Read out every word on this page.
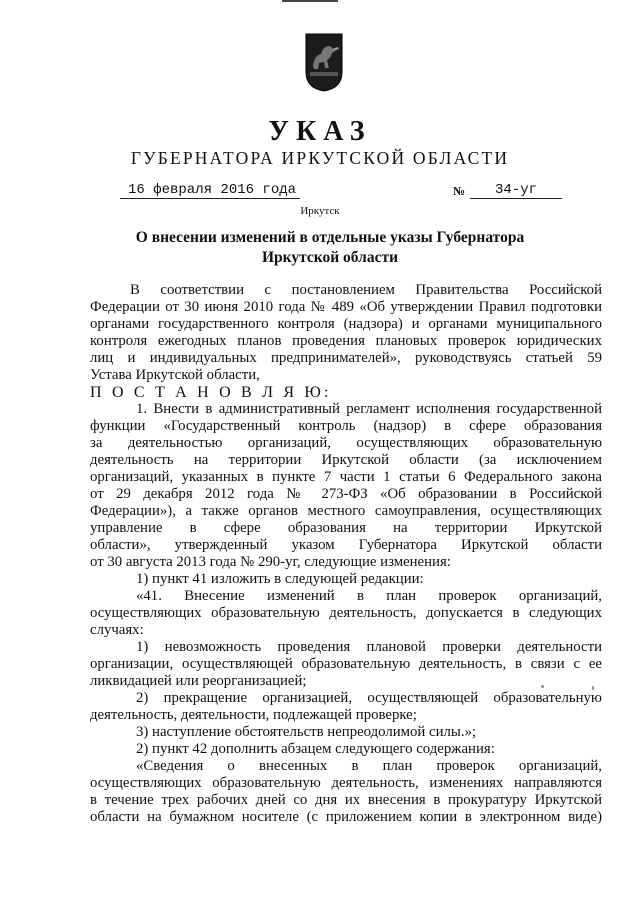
УКАЗ
ГУБЕРНАТОРА ИРКУТСКОЙ ОБЛАСТИ
16 февраля 2016 года	№	34-уг
Иркутск
О внесении изменений в отдельные указы Губернатора
Иркутской области
В соответствии с постановлением Правительства Российской
Федерации от 30 июня 2010 года № 489 «Об утверждении Правил подготовки
органами государственного контроля (надзора) и органами муниципального
контроля ежегодных планов проведения плановых проверок юридических
лиц и индивидуальных предпринимателей», руководствуясь статьей 59
Устава Иркутской области,
П О С Т А Н О В Л Я Ю:
1. Внести в административный регламент исполнения государственной
функции «Государственный контроль (надзор) в сфере образования
за деятельностью организаций, осуществляющих образовательную
деятельность на территории Иркутской области (за исключением
организаций, указанных в пункте 7 части 1 статьи 6 Федерального закона
от 29 декабря 2012 года № 273-ФЗ «Об образовании в Российской
Федерации»), а также органов местного самоуправления, осуществляющих
управление в сфере образования на территории Иркутской
области», утвержденный указом Губернатора Иркутской области
от 30 августа 2013 года № 290-уг, следующие изменения:
1) пункт 41 изложить в следующей редакции:
«41. Внесение изменений в план проверок организаций,
осуществляющих образовательную деятельность, допускается в следующих
случаях:
1) невозможность проведения плановой проверки деятельности
организации, осуществляющей образовательную деятельность, в связи с ее
ликвидацией или реорганизацией;
2) прекращение организацией, осуществляющей образовательную
деятельность, деятельности, подлежащей проверке;
3) наступление обстоятельств непреодолимой силы.»;
2) пункт 42 дополнить абзацем следующего содержания:
«Сведения о внесенных в план проверок организаций,
осуществляющих образовательную деятельность, изменениях направляются
в течение трех рабочих дней со дня их внесения в прокуратуру Иркутской
области на бумажном носителе (с приложением копии в электронном виде)
